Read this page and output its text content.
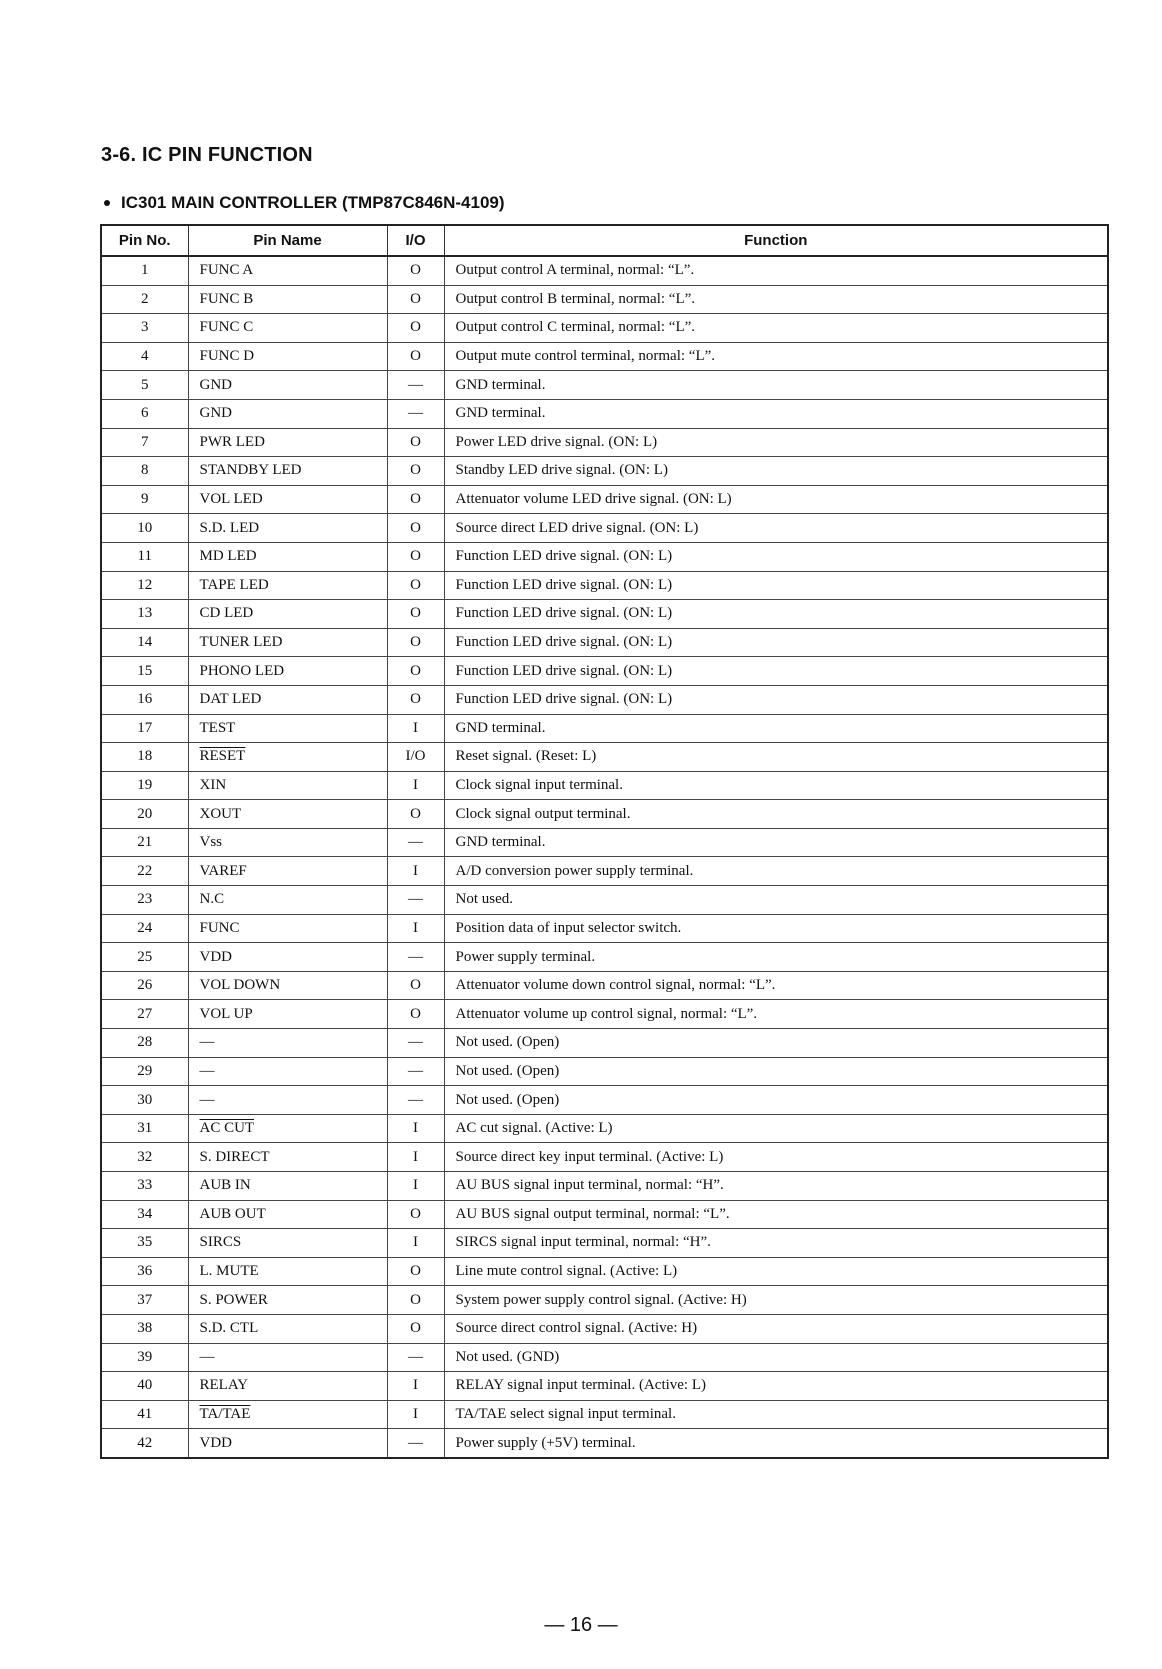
3-6. IC PIN FUNCTION
IC301 MAIN CONTROLLER (TMP87C846N-4109)
Pin No.	Pin Name	I/O	Function
1	FUNC A	O	Output control A terminal, normal: “L”.
2	FUNC B	O	Output control B terminal, normal: “L”.
3	FUNC C	O	Output control C terminal, normal: “L”.
4	FUNC D	O	Output mute control terminal, normal: “L”.
5	GND	—	GND terminal.
6	GND	—	GND terminal.
7	PWR LED	O	Power LED drive signal. (ON: L)
8	STANDBY LED	O	Standby LED drive signal. (ON: L)
9	VOL LED	O	Attenuator volume LED drive signal. (ON: L)
10	S.D. LED	O	Source direct LED drive signal. (ON: L)
11	MD LED	O	Function LED drive signal. (ON: L)
12	TAPE LED	O	Function LED drive signal. (ON: L)
13	CD LED	O	Function LED drive signal. (ON: L)
14	TUNER LED	O	Function LED drive signal. (ON: L)
15	PHONO LED	O	Function LED drive signal. (ON: L)
16	DAT LED	O	Function LED drive signal. (ON: L)
17	TEST	I	GND terminal.
18	RESET	I/O	Reset signal. (Reset: L)
19	XIN	I	Clock signal input terminal.
20	XOUT	O	Clock signal output terminal.
21	Vss	—	GND terminal.
22	VAREF	I	A/D conversion power supply terminal.
23	N.C	—	Not used.
24	FUNC	I	Position data of input selector switch.
25	VDD	—	Power supply terminal.
26	VOL DOWN	O	Attenuator volume down control signal, normal: “L”.
27	VOL UP	O	Attenuator volume up control signal, normal: “L”.
28	—	—	Not used. (Open)
29	—	—	Not used. (Open)
30	—	—	Not used. (Open)
31	AC CUT	I	AC cut signal. (Active: L)
32	S. DIRECT	I	Source direct key input terminal. (Active: L)
33	AUB IN	I	AU BUS signal input terminal, normal: “H”.
34	AUB OUT	O	AU BUS signal output terminal, normal: “L”.
35	SIRCS	I	SIRCS signal input terminal, normal: “H”.
36	L. MUTE	O	Line mute control signal. (Active: L)
37	S. POWER	O	System power supply control signal. (Active: H)
38	S.D. CTL	O	Source direct control signal. (Active: H)
39	—	—	Not used. (GND)
40	RELAY	I	RELAY signal input terminal. (Active: L)
41	TA/TAE	I	TA/TAE select signal input terminal.
42	VDD	—	Power supply (+5V) terminal.

— 16 —
